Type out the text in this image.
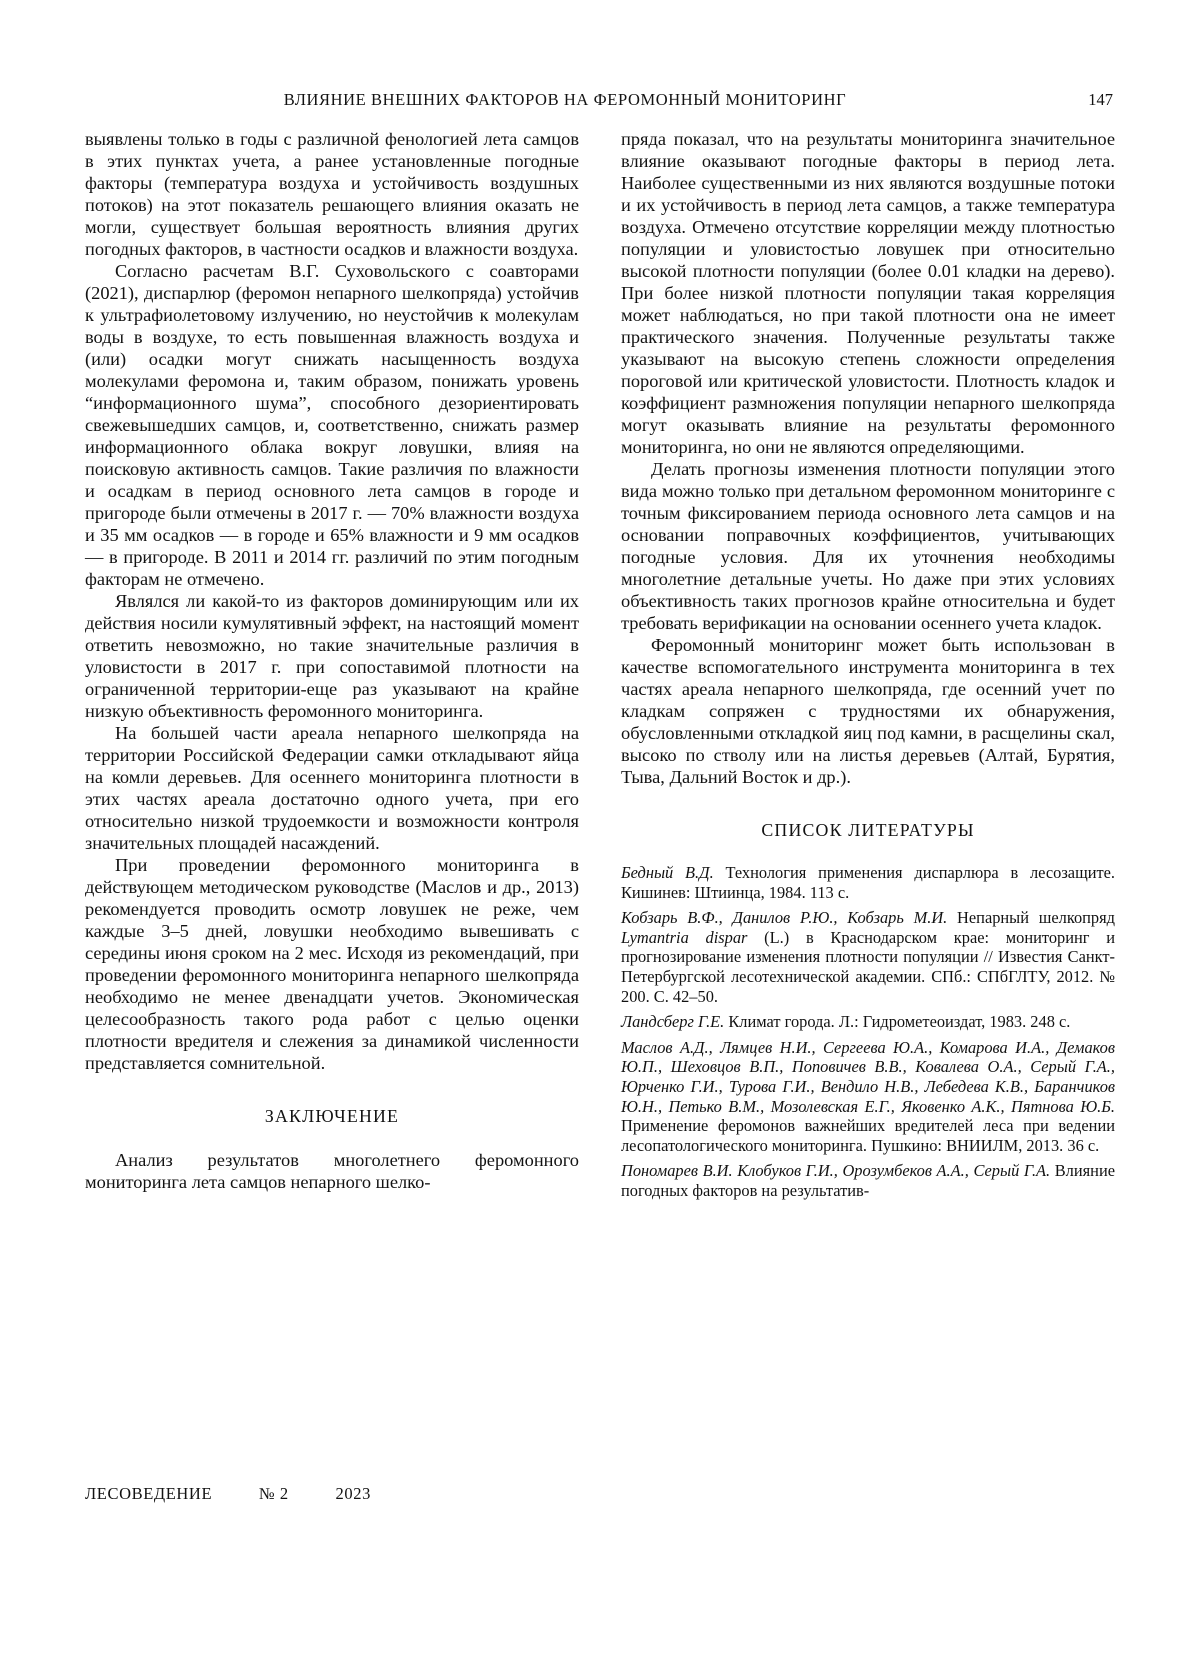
ВЛИЯНИЕ ВНЕШНИХ ФАКТОРОВ НА ФЕРОМОННЫЙ МОНИТОРИНГ	147

выявлены только в годы с различной фенологией лета самцов в этих пунктах учета, а ранее установленные погодные факторы (температура воздуха и устойчивость воздушных потоков) на этот показатель решающего влияния оказать не могли, существует большая вероятность влияния других погодных факторов, в частности осадков и влажности воздуха.

Согласно расчетам В.Г. Суховольского с соавторами (2021), диспарлюр (феромон непарного шелкопряда) устойчив к ультрафиолетовому излучению, но неустойчив к молекулам воды в воздухе, то есть повышенная влажность воздуха и (или) осадки могут снижать насыщенность воздуха молекулами феромона и, таким образом, понижать уровень “информационного шума”, способного дезориентировать свежевышедших самцов, и, соответственно, снижать размер информационного облака вокруг ловушки, влияя на поисковую активность самцов. Такие различия по влажности и осадкам в период основного лета самцов в городе и пригороде были отмечены в 2017 г. — 70% влажности воздуха и 35 мм осадков — в городе и 65% влажности и 9 мм осадков — в пригороде. В 2011 и 2014 гг. различий по этим погодным факторам не отмечено.

Являлся ли какой-то из факторов доминирующим или их действия носили кумулятивный эффект, на настоящий момент ответить невозможно, но такие значительные различия в уловистости в 2017 г. при сопоставимой плотности на ограниченной территории-еще раз указывают на крайне низкую объективность феромонного мониторинга.

На большей части ареала непарного шелкопряда на территории Российской Федерации самки откладывают яйца на комли деревьев. Для осеннего мониторинга плотности в этих частях ареала достаточно одного учета, при его относительно низкой трудоемкости и возможности контроля значительных площадей насаждений.

При проведении феромонного мониторинга в действующем методическом руководстве (Маслов и др., 2013) рекомендуется проводить осмотр ловушек не реже, чем каждые 3–5 дней, ловушки необходимо вывешивать с середины июня сроком на 2 мес. Исходя из рекомендаций, при проведении феромонного мониторинга непарного шелкопряда необходимо не менее двенадцати учетов. Экономическая целесообразность такого рода работ с целью оценки плотности вредителя и слежения за динамикой численности представляется сомнительной.

ЗАКЛЮЧЕНИЕ

Анализ результатов многолетнего феромонного мониторинга лета самцов непарного шелко-

пряда показал, что на результаты мониторинга значительное влияние оказывают погодные факторы в период лета. Наиболее существенными из них являются воздушные потоки и их устойчивость в период лета самцов, а также температура воздуха. Отмечено отсутствие корреляции между плотностью популяции и уловистостью ловушек при относительно высокой плотности популяции (более 0.01 кладки на дерево). При более низкой плотности популяции такая корреляция может наблюдаться, но при такой плотности она не имеет практического значения. Полученные результаты также указывают на высокую степень сложности определения пороговой или критической уловистости. Плотность кладок и коэффициент размножения популяции непарного шелкопряда могут оказывать влияние на результаты феромонного мониторинга, но они не являются определяющими.

Делать прогнозы изменения плотности популяции этого вида можно только при детальном феромонном мониторинге с точным фиксированием периода основного лета самцов и на основании поправочных коэффициентов, учитывающих погодные условия. Для их уточнения необходимы многолетние детальные учеты. Но даже при этих условиях объективность таких прогнозов крайне относительна и будет требовать верификации на основании осеннего учета кладок.

Феромонный мониторинг может быть использован в качестве вспомогательного инструмента мониторинга в тех частях ареала непарного шелкопряда, где осенний учет по кладкам сопряжен с трудностями их обнаружения, обусловленными откладкой яиц под камни, в расщелины скал, высоко по стволу или на листья деревьев (Алтай, Бурятия, Тыва, Дальний Восток и др.).

СПИСОК ЛИТЕРАТУРЫ

Бедный В.Д. Технология применения диспарлюра в лесозащите. Кишинев: Штиинца, 1984. 113 с.

Кобзарь В.Ф., Данилов Р.Ю., Кобзарь М.И. Непарный шелкопряд Lymantria dispar (L.) в Краснодарском крае: мониторинг и прогнозирование изменения плотности популяции // Известия Санкт-Петербургской лесотехнической академии. СПб.: СПбГЛТУ, 2012. № 200. С. 42–50.

Ландсберг Г.Е. Климат города. Л.: Гидрометеоиздат, 1983. 248 с.

Маслов А.Д., Лямцев Н.И., Сергеева Ю.А., Комарова И.А., Демаков Ю.П., Шеховцов В.П., Поповичев В.В., Ковалева О.А., Серый Г.А., Юрченко Г.И., Турова Г.И., Вендило Н.В., Лебедева К.В., Баранчиков Ю.Н., Петько В.М., Мозолевская Е.Г., Яковенко А.К., Пятнова Ю.Б. Применение феромонов важнейших вредителей леса при ведении лесопатологического мониторинга. Пушкино: ВНИИЛМ, 2013. 36 с.

Пономарев В.И. Клобуков Г.И., Орозумбеков А.А., Серый Г.А. Влияние погодных факторов на результатив-

ЛЕСОВЕДЕНИЕ	№ 2	2023
